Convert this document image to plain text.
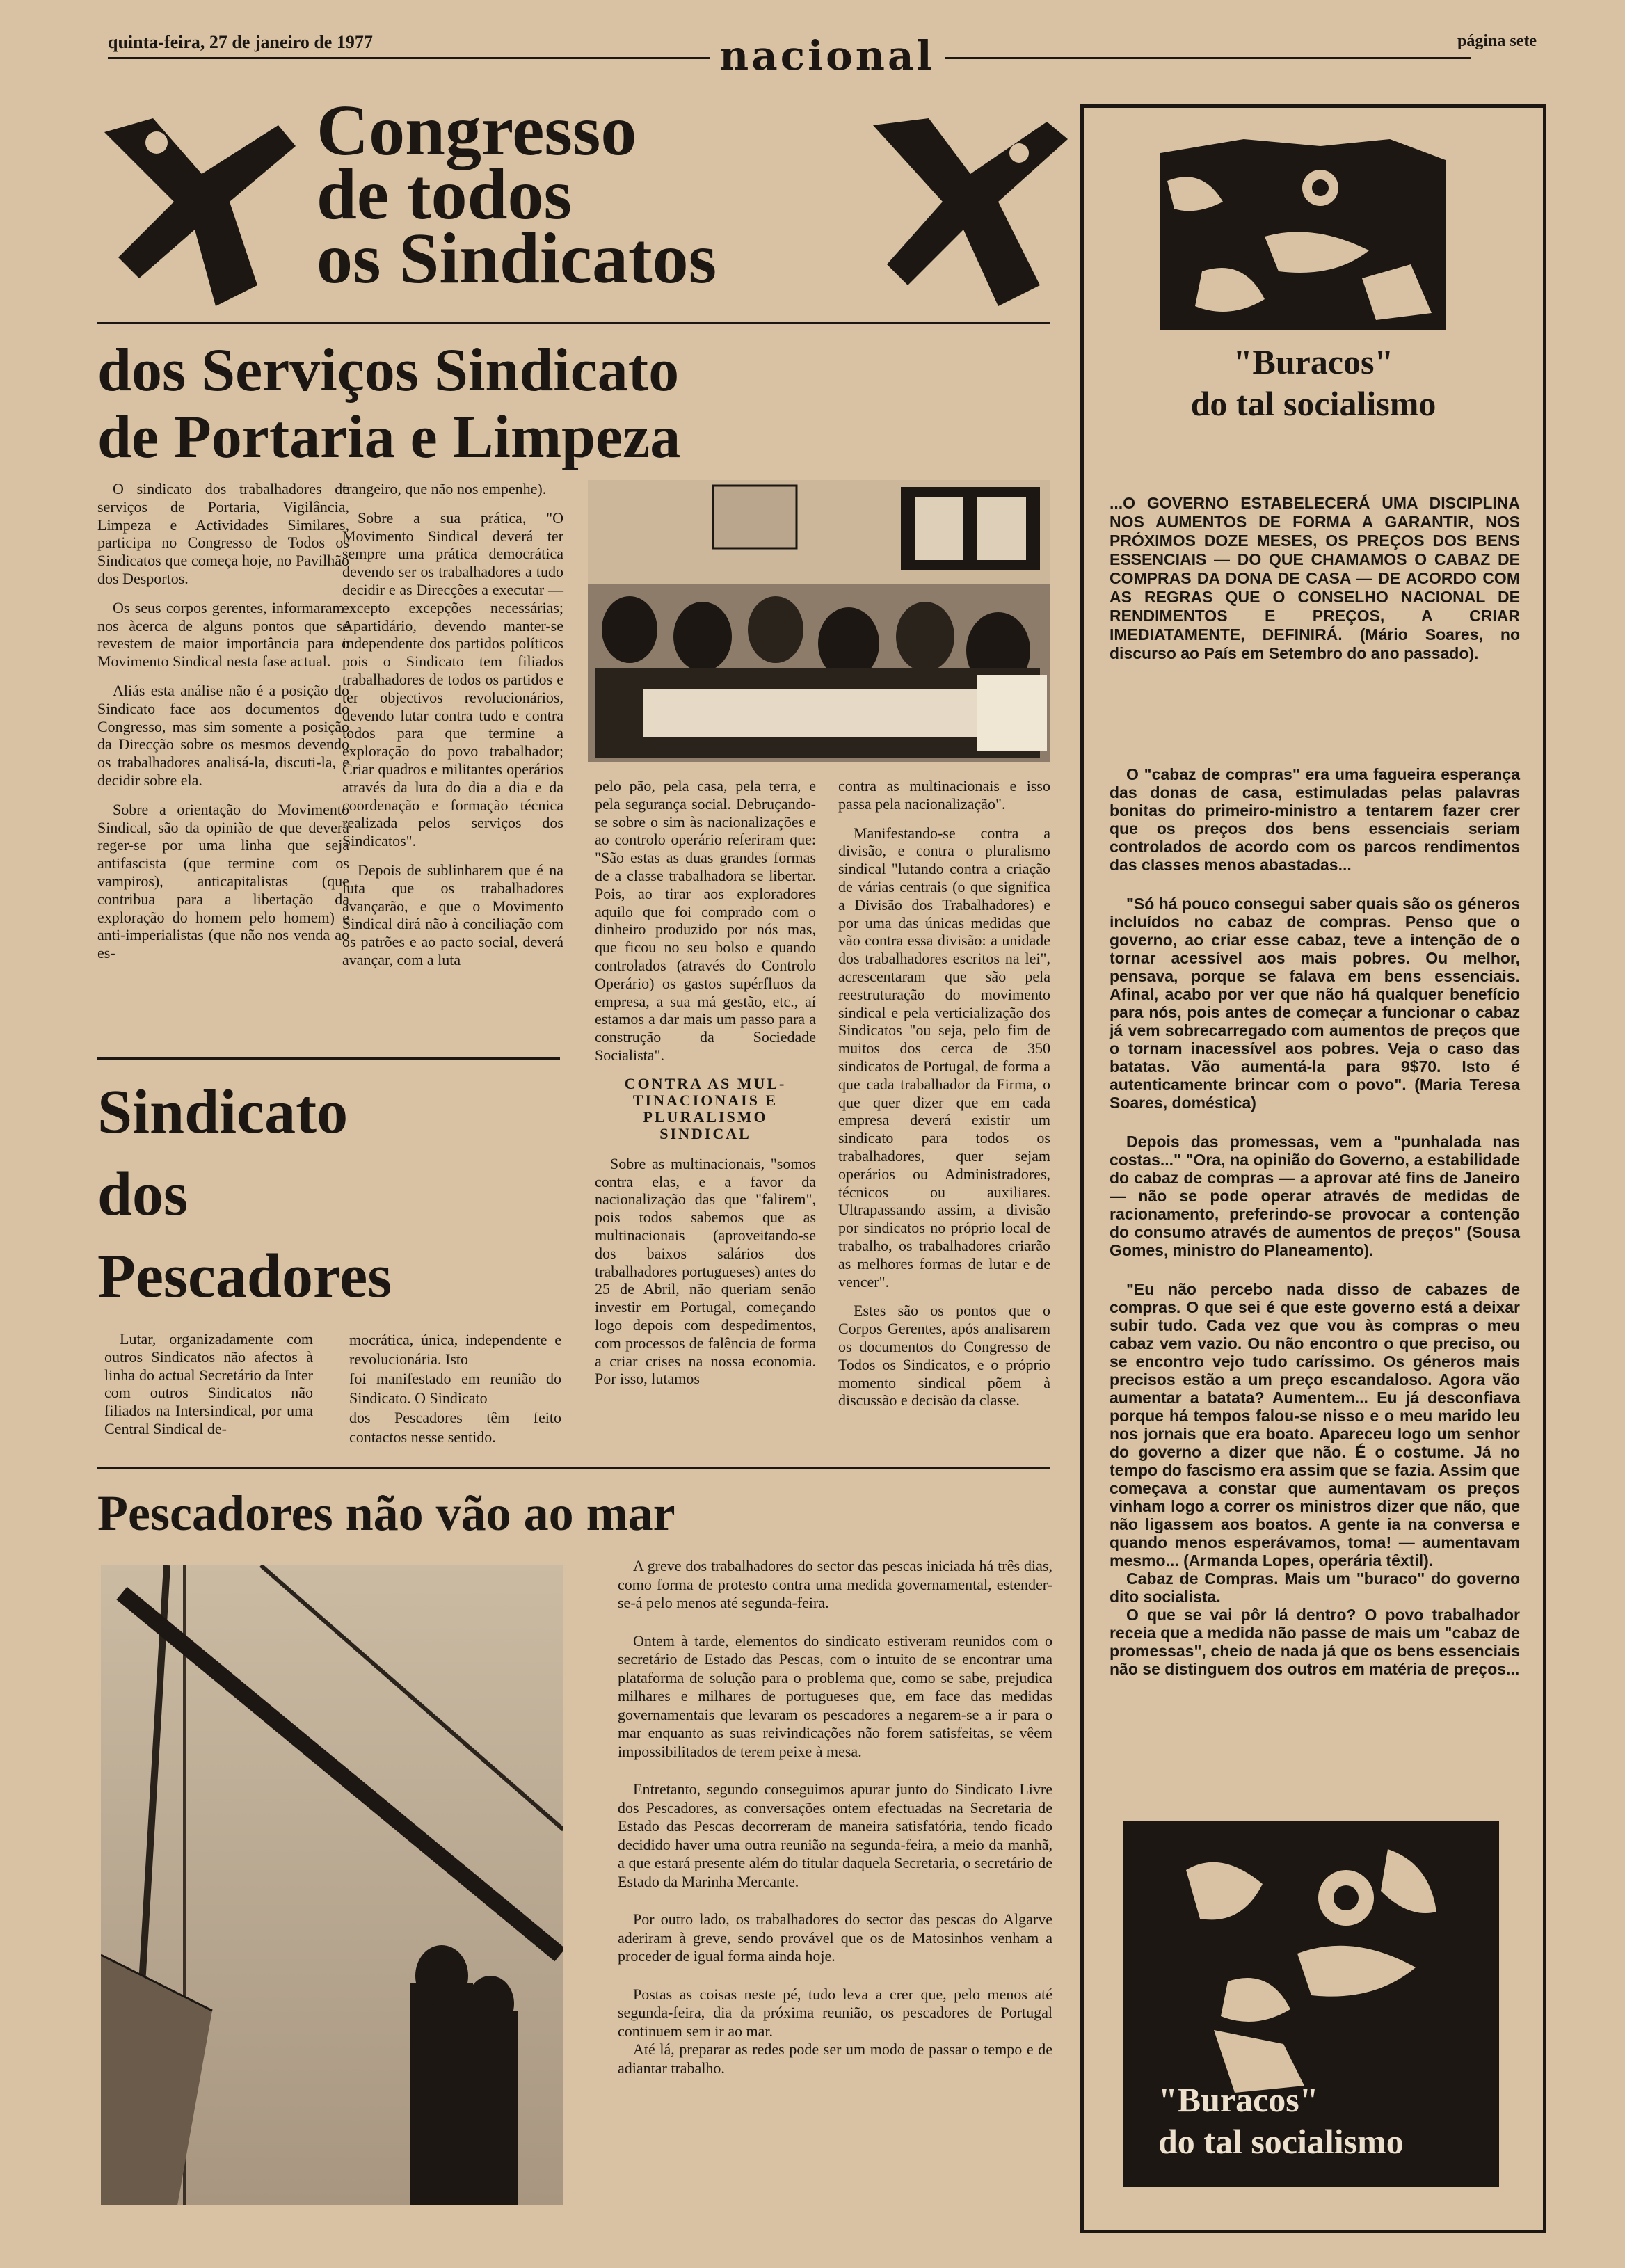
quinta-feira, 27 de janeiro de 1977	nacional	página sete
Congresso
de todos
os Sindicatos
dos Serviços Sindicato
de Portaria e Limpeza

O sindicato dos trabalhadores de serviços de Portaria, Vigilância, Limpeza e Actividades Similares, participa no Congresso de Todos os Sindicatos que começa hoje, no Pavilhão dos Desportos.

Os seus corpos gerentes, informaram-nos àcerca de alguns pontos que se revestem de maior importância para o Movimento Sindical nesta fase actual.

Aliás esta análise não é a posição do Sindicato face aos documentos do Congresso, mas sim somente a posição da Direcção sobre os mesmos devendo os trabalhadores analisá-la, discuti-la, e decidir sobre ela.

Sobre a orientação do Movimento Sindical, são da opinião de que deverá reger-se por uma linha que seja antifascista (que termine com os vampiros), anticapitalistas (que contribua para a libertação da exploração do homem pelo homem) e anti-imperialistas (que não nos venda ao es-

trangeiro, que não nos empenhe).

Sobre a sua prática, "O Movimento Sindical deverá ter sempre uma prática democrática devendo ser os trabalhadores a tudo decidir e as Direcções a executar — excepto excepções necessárias; Apartidário, devendo manter-se independente dos partidos políticos pois o Sindicato tem filiados trabalhadores de todos os partidos e ter objectivos revolucionários, devendo lutar contra tudo e contra todos para que termine a exploração do povo trabalhador; Criar quadros e militantes operários através da luta do dia a dia e da coordenação e formação técnica realizada pelos serviços dos Sindicatos".

Depois de sublinharem que é na luta que os trabalhadores avançarão, e que o Movimento Sindical dirá não à conciliação com os patrões e ao pacto social, deverá avançar, com a luta

pelo pão, pela casa, pela terra, e pela segurança social. Debruçando-se sobre o sim às nacionalizações e ao controlo operário referiram que: "São estas as duas grandes formas de a classe trabalhadora se libertar. Pois, ao tirar aos exploradores aquilo que foi comprado com o dinheiro produzido por nós mas, que ficou no seu bolso e quando controlados (através do Controlo Operário) os gastos supérfluos da empresa, a sua má gestão, etc., aí estamos a dar mais um passo para a construção da Sociedade Socialista".

CONTRA AS MUL-
TINACIONAIS E
PLURALISMO SINDICAL

Sobre as multinacionais, "somos contra elas, e a favor da nacionalização das que "falirem", pois todos sabemos que as multinacionais (aproveitando-se dos baixos salários dos trabalhadores portugueses) antes do 25 de Abril, não queriam senão investir em Portugal, começando logo depois com despedimentos, com processos de falência de forma a criar crises na nossa economia. Por isso, lutamos

contra as multinacionais e isso passa pela nacionalização".

Manifestando-se contra a divisão, e contra o pluralismo sindical "lutando contra a criação de várias centrais (o que significa a Divisão dos Trabalhadores) e por uma das únicas medidas que vão contra essa divisão: a unidade dos trabalhadores escritos na lei", acrescentaram que são pela reestruturação do movimento sindical e pela verticialização dos Sindicatos "ou seja, pelo fim de muitos dos cerca de 350 sindicatos de Portugal, de forma a que cada trabalhador da Firma, o que quer dizer que em cada empresa deverá existir um sindicato para todos os trabalhadores, quer sejam operários ou Administradores, técnicos ou auxiliares. Ultrapassando assim, a divisão por sindicatos no próprio local de trabalho, os trabalhadores criarão as melhores formas de lutar e de vencer".

Estes são os pontos que o Corpos Gerentes, após analisarem os documentos do Congresso de Todos os Sindicatos, e o próprio momento sindical põem à discussão e decisão da classe.

Sindicato
dos
Pescadores

Lutar, organizadamente com outros Sindicatos não afectos à linha do actual Secretário da Inter com outros Sindicatos não filiados na Intersindical, por uma Central Sindical de-

mocrática, única, independente e revolucionária. Isto

foi manifestado em reunião do Sindicato. O Sindicato

dos Pescadores têm feito contactos nesse sentido.

Pescadores não vão ao mar

A greve dos trabalhadores do sector das pescas iniciada há três dias, como forma de protesto contra uma medida governamental, estender-se-á pelo menos até segunda-feira.

Ontem à tarde, elementos do sindicato estiveram reunidos com o secretário de Estado das Pescas, com o intuito de se encontrar uma plataforma de solução para o problema que, como se sabe, prejudica milhares e milhares de portugueses que, em face das medidas governamentais que levaram os pescadores a negarem-se a ir para o mar enquanto as suas reivindicações não forem satisfeitas, se vêem impossibilitados de terem peixe à mesa.

Entretanto, segundo conseguimos apurar junto do Sindicato Livre dos Pescadores, as conversações ontem efectuadas na Secretaria de Estado das Pescas decorreram de maneira satisfatória, tendo ficado decidido haver uma outra reunião na segunda-feira, a meio da manhã, a que estará presente além do titular daquela Secretaria, o secretário de Estado da Marinha Mercante.

Por outro lado, os trabalhadores do sector das pescas do Algarve aderiram à greve, sendo provável que os de Matosinhos venham a proceder de igual forma ainda hoje.

Postas as coisas neste pé, tudo leva a crer que, pelo menos até segunda-feira, dia da próxima reunião, os pescadores de Portugal continuem sem ir ao mar.

Até lá, preparar as redes pode ser um modo de passar o tempo e de adiantar trabalho.

"Buracos"
do tal socialismo
...O GOVERNO ESTABELECERÁ UMA DISCIPLINA NOS AUMENTOS DE FORMA A GARANTIR, NOS PRÓXIMOS DOZE MESES, OS PREÇOS DOS BENS ESSENCIAIS — DO QUE CHAMAMOS O CABAZ DE COMPRAS DA DONA DE CASA — DE ACORDO COM AS REGRAS QUE O CONSELHO NACIONAL DE RENDIMENTOS E PREÇOS, A CRIAR IMEDIATAMENTE, DEFINIRÁ. (Mário Soares, no discurso ao País em Setembro do ano passado).

O "cabaz de compras" era uma fagueira esperança das donas de casa, estimuladas pelas palavras bonitas do primeiro-ministro a tentarem fazer crer que os preços dos bens essenciais seriam controlados de acordo com os parcos rendimentos das classes menos abastadas...

"Só há pouco consegui saber quais são os géneros incluídos no cabaz de compras. Penso que o governo, ao criar esse cabaz, teve a intenção de o tornar acessível aos mais pobres. Ou melhor, pensava, porque se falava em bens essenciais. Afinal, acabo por ver que não há qualquer benefício para nós, pois antes de começar a funcionar o cabaz já vem sobrecarregado com aumentos de preços que o tornam inacessível aos pobres. Veja o caso das batatas. Vão aumentá-la para 9$70. Isto é autenticamente brincar com o povo". (Maria Teresa Soares, doméstica)

Depois das promessas, vem a "punhalada nas costas..." "Ora, na opinião do Governo, a estabilidade do cabaz de compras — a aprovar até fins de Janeiro — não se pode operar através de medidas de racionamento, preferindo-se provocar a contenção do consumo através de aumentos de preços" (Sousa Gomes, ministro do Planeamento).

"Eu não percebo nada disso de cabazes de compras. O que sei é que este governo está a deixar subir tudo. Cada vez que vou às compras o meu cabaz vem vazio. Ou não encontro o que preciso, ou se encontro vejo tudo caríssimo. Os géneros mais precisos estão a um preço escandaloso. Agora vão aumentar a batata? Aumentem... Eu já desconfiava porque há tempos falou-se nisso e o meu marido leu nos jornais que era boato. Apareceu logo um senhor do governo a dizer que não. É o costume. Já no tempo do fascismo era assim que se fazia. Assim que começava a constar que aumentavam os preços vinham logo a correr os ministros dizer que não, que não ligassem aos boatos. A gente ia na conversa e quando menos esperávamos, toma! — aumentavam mesmo... (Armanda Lopes, operária têxtil).

Cabaz de Compras. Mais um "buraco" do governo dito socialista.

O que se vai pôr lá dentro? O povo trabalhador receia que a medida não passe de mais um "cabaz de promessas", cheio de nada já que os bens essenciais não se distinguem dos outros em matéria de preços...

"Buracos"
do tal socialismo
